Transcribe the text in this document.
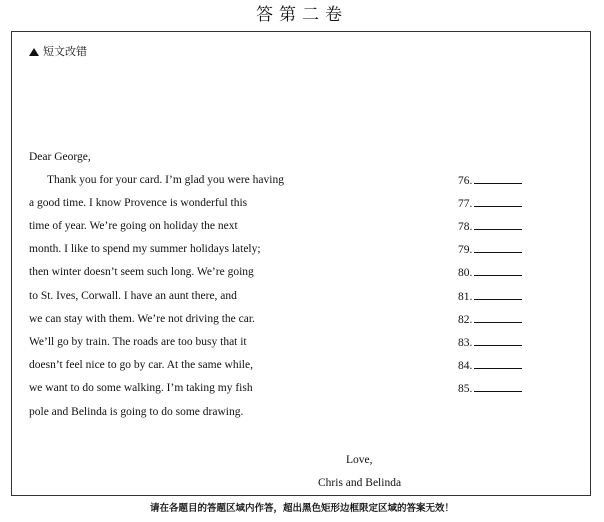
答第二卷
短文改错
Dear George,
Thank you for your card. I’m glad you were having
a good time. I know Provence is wonderful this
time of year. We’re going on holiday the next
month. I like to spend my summer holidays lately;
then winter doesn’t seem such long. We’re going
to St. Ives, Corwall. I have an aunt there, and
we can stay with them. We’re not driving the car.
We’ll go by train. The roads are too busy that it
doesn’t feel nice to go by car. At the same while,
we want to do some walking. I’m taking my fish
pole and Belinda is going to do some drawing.
76.
77.
78.
79.
80.
81.
82.
83.
84.
85.
Love,
Chris and Belinda
请在各题目的答题区域内作答，超出黑色矩形边框限定区域的答案无效！
